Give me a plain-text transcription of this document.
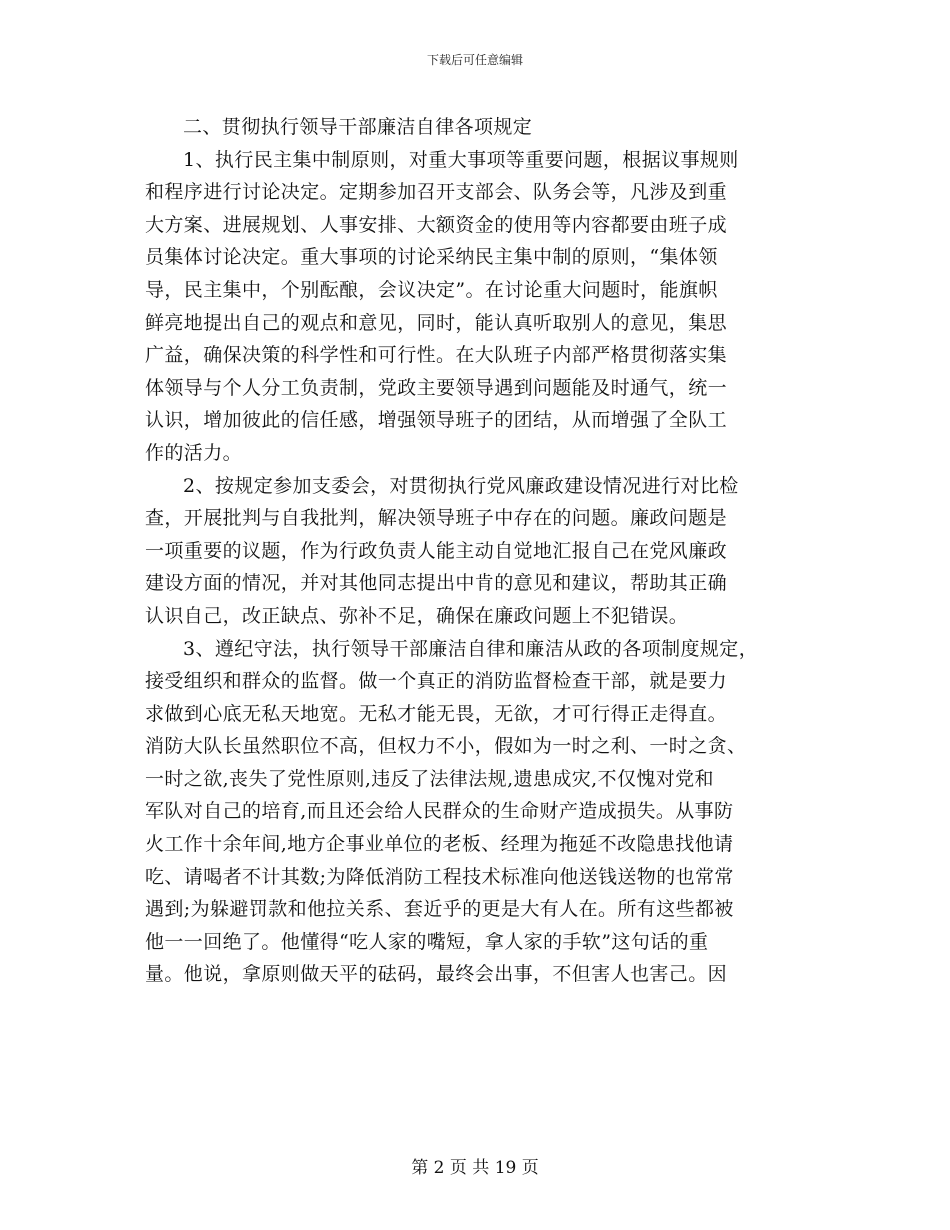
下载后可任意编辑
二、贯彻执行领导干部廉洁自律各项规定
1、执行民主集中制原则，对重大事项等重要问题，根据议事规则
和程序进行讨论决定。定期参加召开支部会、队务会等，凡涉及到重
大方案、进展规划、人事安排、大额资金的使用等内容都要由班子成
员集体讨论决定。重大事项的讨论采纳民主集中制的原则，“集体领
导，民主集中，个别酝酿，会议决定”。在讨论重大问题时，能旗帜
鲜亮地提出自己的观点和意见，同时，能认真听取别人的意见，集思
广益，确保决策的科学性和可行性。在大队班子内部严格贯彻落实集
体领导与个人分工负责制，党政主要领导遇到问题能及时通气，统一
认识，增加彼此的信任感，增强领导班子的团结，从而增强了全队工
作的活力。
2、按规定参加支委会，对贯彻执行党风廉政建设情况进行对比检
查，开展批判与自我批判，解决领导班子中存在的问题。廉政问题是
一项重要的议题，作为行政负责人能主动自觉地汇报自己在党风廉政
建设方面的情况，并对其他同志提出中肯的意见和建议，帮助其正确
认识自己，改正缺点、弥补不足，确保在廉政问题上不犯错误。
3、遵纪守法，执行领导干部廉洁自律和廉洁从政的各项制度规定，
接受组织和群众的监督。做一个真正的消防监督检查干部，就是要力
求做到心底无私天地宽。无私才能无畏，无欲，才可行得正走得直。
消防大队长虽然职位不高，但权力不小，假如为一时之利、一时之贪、
一时之欲,丧失了党性原则,违反了法律法规,遗患成灾,不仅愧对党和
军队对自己的培育,而且还会给人民群众的生命财产造成损失。从事防
火工作十余年间,地方企事业单位的老板、经理为拖延不改隐患找他请
吃、请喝者不计其数;为降低消防工程技术标准向他送钱送物的也常常
遇到;为躲避罚款和他拉关系、套近乎的更是大有人在。所有这些都被
他一一回绝了。他懂得“吃人家的嘴短，拿人家的手软”这句话的重
量。他说，拿原则做天平的砝码，最终会出事，不但害人也害己。因
第 2 页 共 19 页
